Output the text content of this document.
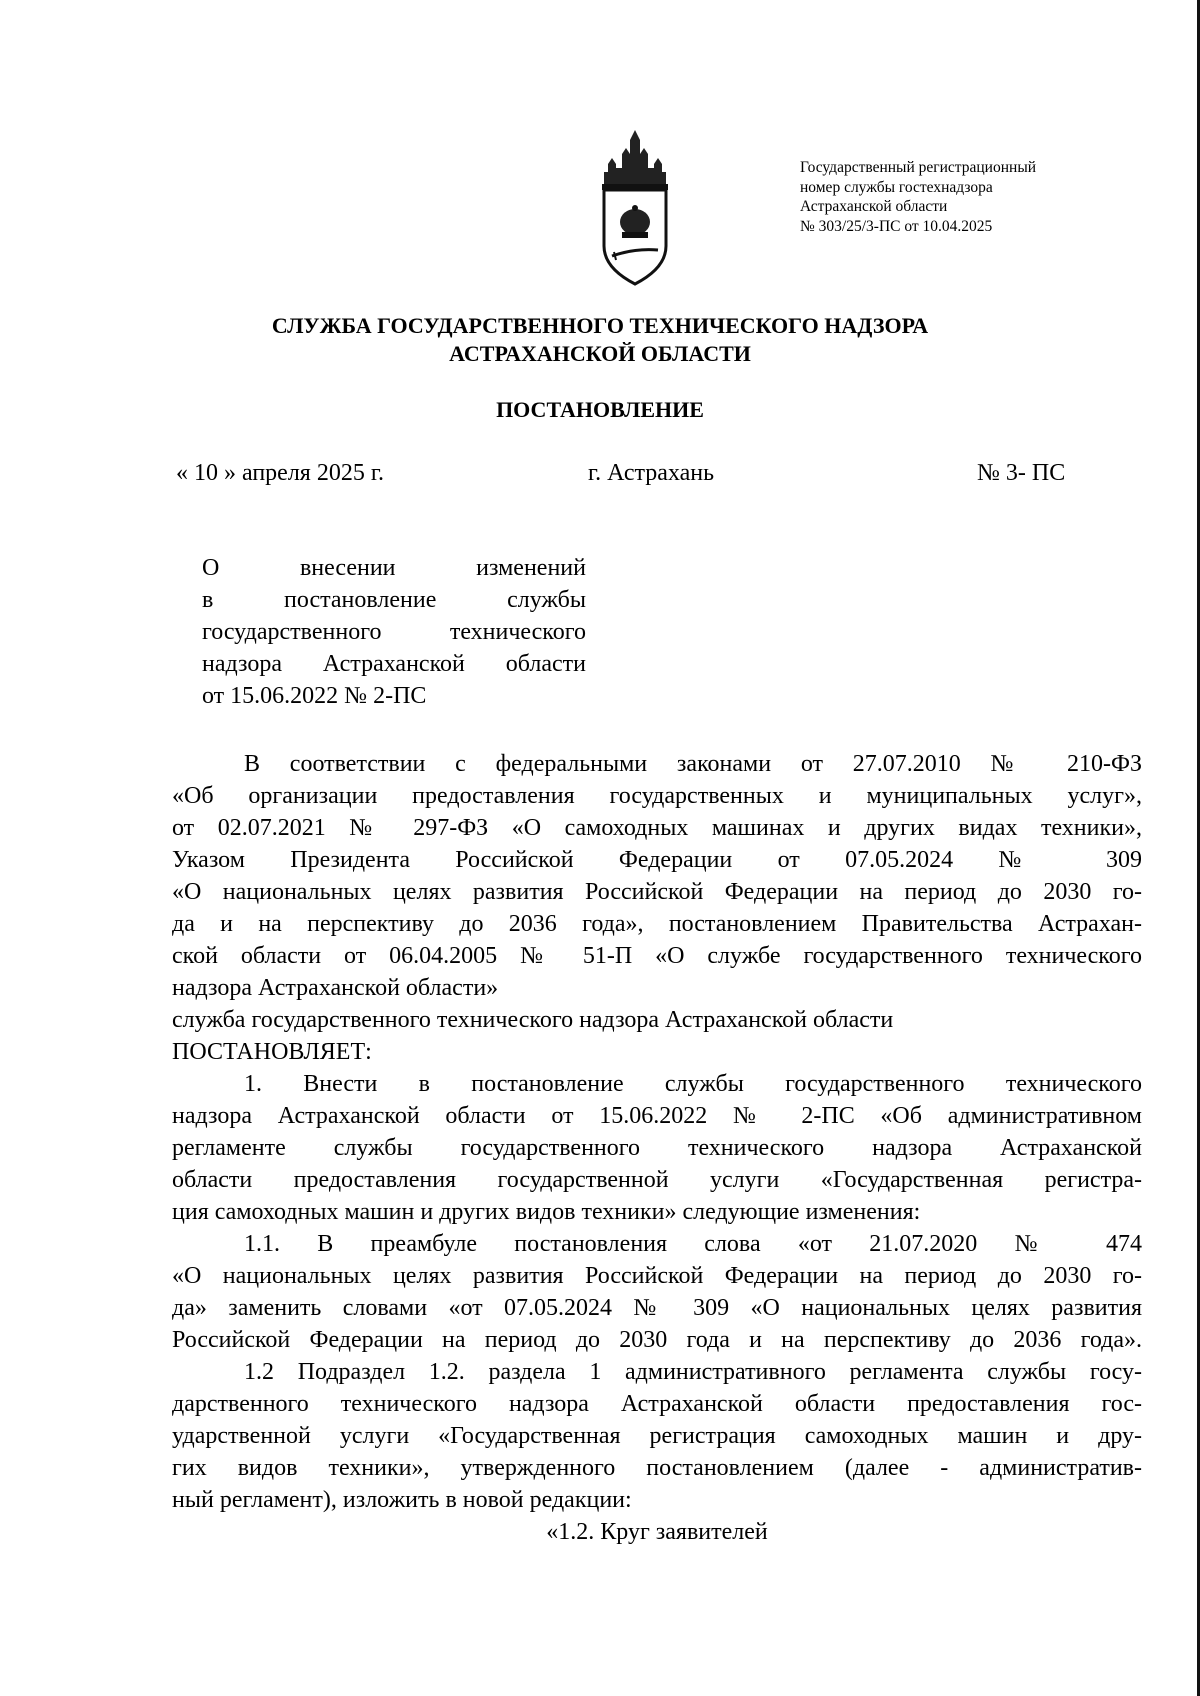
Государственный регистрационный
номер службы гостехнадзора
Астраханской области
№ 303/25/3-ПС от 10.04.2025
СЛУЖБА ГОСУДАРСТВЕННОГО ТЕХНИЧЕСКОГО НАДЗОРА
АСТРАХАНСКОЙ ОБЛАСТИ
ПОСТАНОВЛЕНИЕ
« 10 » апреля 2025 г.	г. Астрахань	№ 3- ПС
О внесении изменений
в постановление службы
государственного технического
надзора Астраханской области
от 15.06.2022 № 2-ПС
В соответствии с федеральными законами от 27.07.2010 № 210-ФЗ
«Об организации предоставления государственных и муниципальных услуг»,
от 02.07.2021 № 297-ФЗ «О самоходных машинах и других видах техники»,
Указом Президента Российской Федерации от 07.05.2024 № 309
«О национальных целях развития Российской Федерации на период до 2030 го-
да и на перспективу до 2036 года», постановлением Правительства Астрахан-
ской области от 06.04.2005 № 51-П «О службе государственного технического
надзора Астраханской области»
служба государственного технического надзора Астраханской области
ПОСТАНОВЛЯЕТ:
1. Внести в постановление службы государственного технического
надзора Астраханской области от 15.06.2022 № 2-ПС «Об административном
регламенте службы государственного технического надзора Астраханской
области предоставления государственной услуги «Государственная регистра-
ция самоходных машин и других видов техники» следующие изменения:
1.1. В преамбуле постановления слова «от 21.07.2020 № 474
«О национальных целях развития Российской Федерации на период до 2030 го-
да» заменить словами «от 07.05.2024 № 309 «О национальных целях развития
Российской Федерации на период до 2030 года и на перспективу до 2036 года».
1.2 Подраздел 1.2. раздела 1 административного регламента службы госу-
дарственного технического надзора Астраханской области предоставления гос-
ударственной услуги «Государственная регистрация самоходных машин и дру-
гих видов техники», утвержденного постановлением (далее - административ-
ный регламент), изложить в новой редакции:
«1.2. Круг заявителей
